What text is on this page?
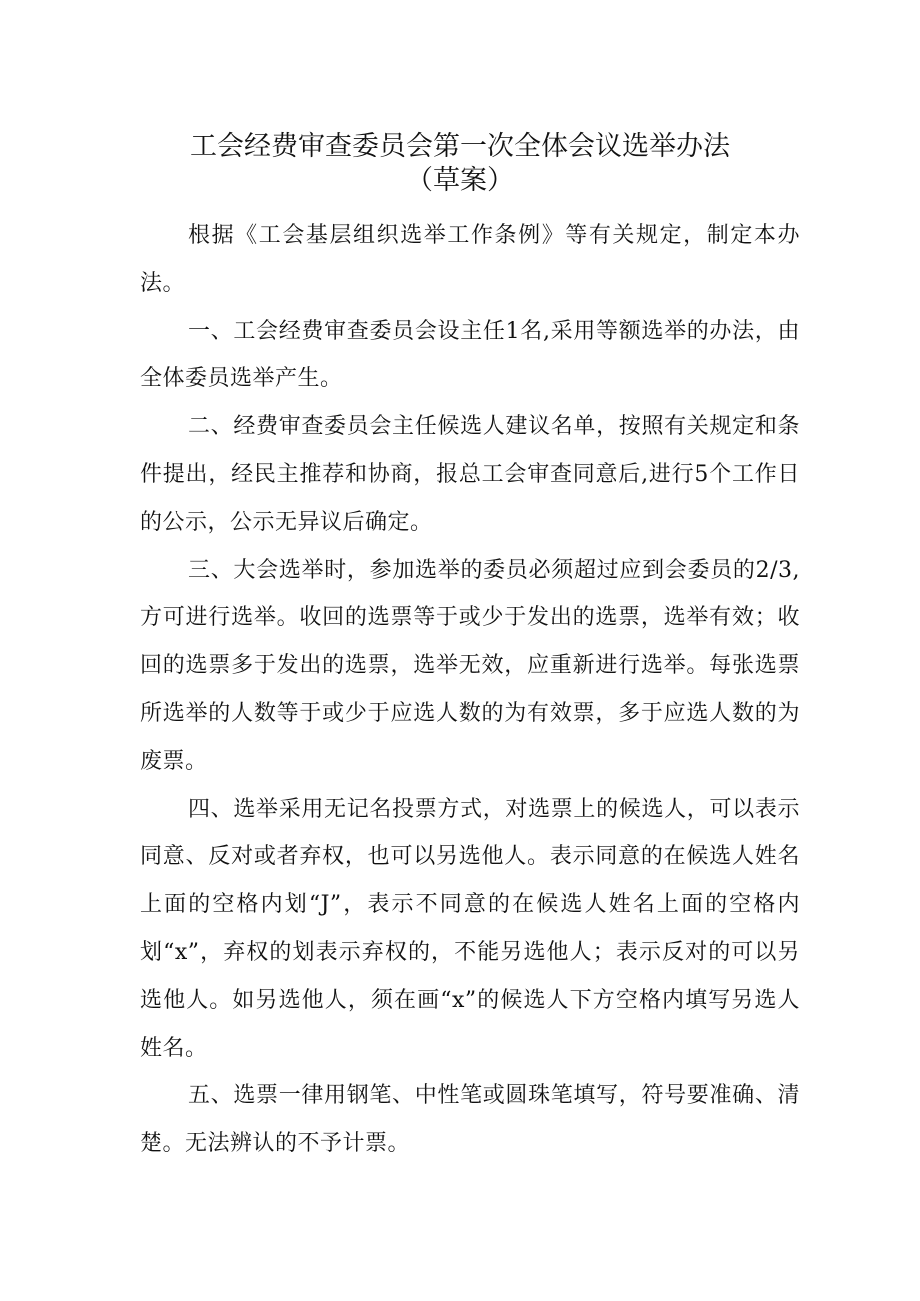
工会经费审查委员会第一次全体会议选举办法
（草案）

根据《工会基层组织选举工作条例》等有关规定，制定本办法。

一、工会经费审查委员会设主任1名,采用等额选举的办法，由全体委员选举产生。

二、经费审查委员会主任候选人建议名单，按照有关规定和条件提出，经民主推荐和协商，报总工会审查同意后,进行5个工作日的公示，公示无异议后确定。

三、大会选举时，参加选举的委员必须超过应到会委员的2/3,方可进行选举。收回的选票等于或少于发出的选票，选举有效；收回的选票多于发出的选票，选举无效，应重新进行选举。每张选票所选举的人数等于或少于应选人数的为有效票，多于应选人数的为废票。

四、选举采用无记名投票方式，对选票上的候选人，可以表示同意、反对或者弃权，也可以另选他人。表示同意的在候选人姓名上面的空格内划“J”，表示不同意的在候选人姓名上面的空格内划“x”，弃权的划表示弃权的，不能另选他人；表示反对的可以另选他人。如另选他人，须在画“x”的候选人下方空格内填写另选人姓名。

五、选票一律用钢笔、中性笔或圆珠笔填写，符号要准确、清楚。无法辨认的不予计票。
